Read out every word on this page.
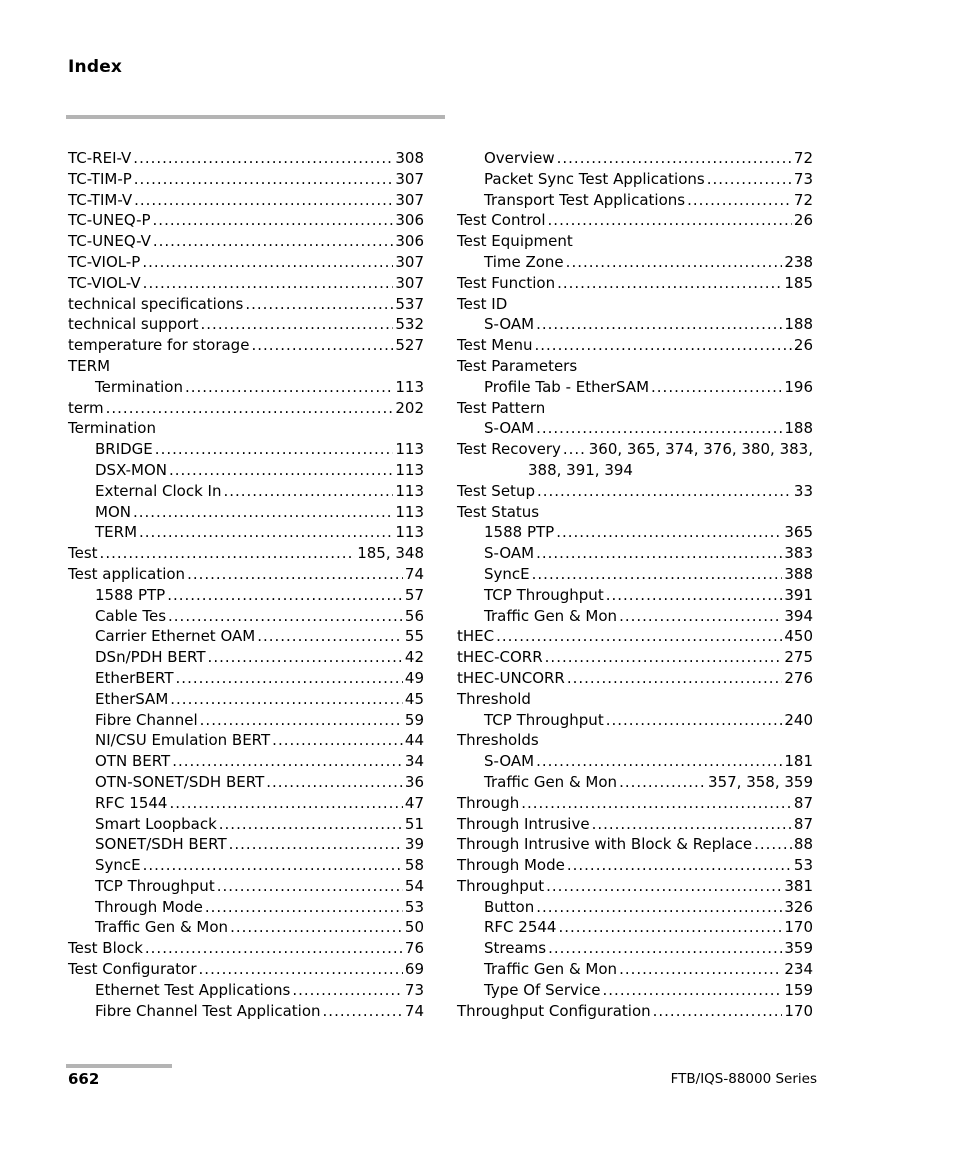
Index
TC-REI-V .....	308
TC-TIM-P .....	307
TC-TIM-V .....	307
TC-UNEQ-P .....	306
TC-UNEQ-V .....	306
TC-VIOL-P .....	307
TC-VIOL-V .....	307
technical specifications .....	537
technical support .....	532
temperature for storage .....	527
TERM
Termination .....	113
term .....	202
Termination
BRIDGE .....	113
DSX-MON .....	113
External Clock In .....	113
MON .....	113
TERM .....	113
Test .....	185, 348
Test application .....	74
1588 PTP .....	57
Cable Tes .....	56
Carrier Ethernet OAM .....	55
DSn/PDH BERT .....	42
EtherBERT .....	49
EtherSAM .....	45
Fibre Channel .....	59
NI/CSU Emulation BERT .....	44
OTN BERT .....	34
OTN-SONET/SDH BERT .....	36
RFC 1544 .....	47
Smart Loopback .....	51
SONET/SDH BERT .....	39
SyncE .....	58
TCP Throughput .....	54
Through Mode .....	53
Traffic Gen & Mon .....	50
Test Block .....	76
Test Configurator .....	69
Ethernet Test Applications .....	73
Fibre Channel Test Application .....	74
Overview .....	72
Packet Sync Test Applications .....	73
Transport Test Applications .....	72
Test Control .....	26
Test Equipment
Time Zone .....	238
Test Function .....	185
Test ID
S-OAM .....	188
Test Menu .....	26
Test Parameters
Profile Tab - EtherSAM .....	196
Test Pattern
S-OAM .....	188
Test Recovery ..... 360, 365, 374, 376, 380, 383,
388, 391, 394
Test Setup .....	33
Test Status
1588 PTP .....	365
S-OAM .....	383
SyncE .....	388
TCP Throughput .....	391
Traffic Gen & Mon .....	394
tHEC .....	450
tHEC-CORR .....	275
tHEC-UNCORR .....	276
Threshold
TCP Throughput .....	240
Thresholds
S-OAM .....	181
Traffic Gen & Mon .....	357, 358, 359
Through .....	87
Through Intrusive .....	87
Through Intrusive with Block & Replace .....	88
Through Mode .....	53
Throughput .....	381
Button .....	326
RFC 2544 .....	170
Streams .....	359
Traffic Gen & Mon .....	234
Type Of Service .....	159
Throughput Configuration .....	170
662	FTB/IQS-88000 Series
